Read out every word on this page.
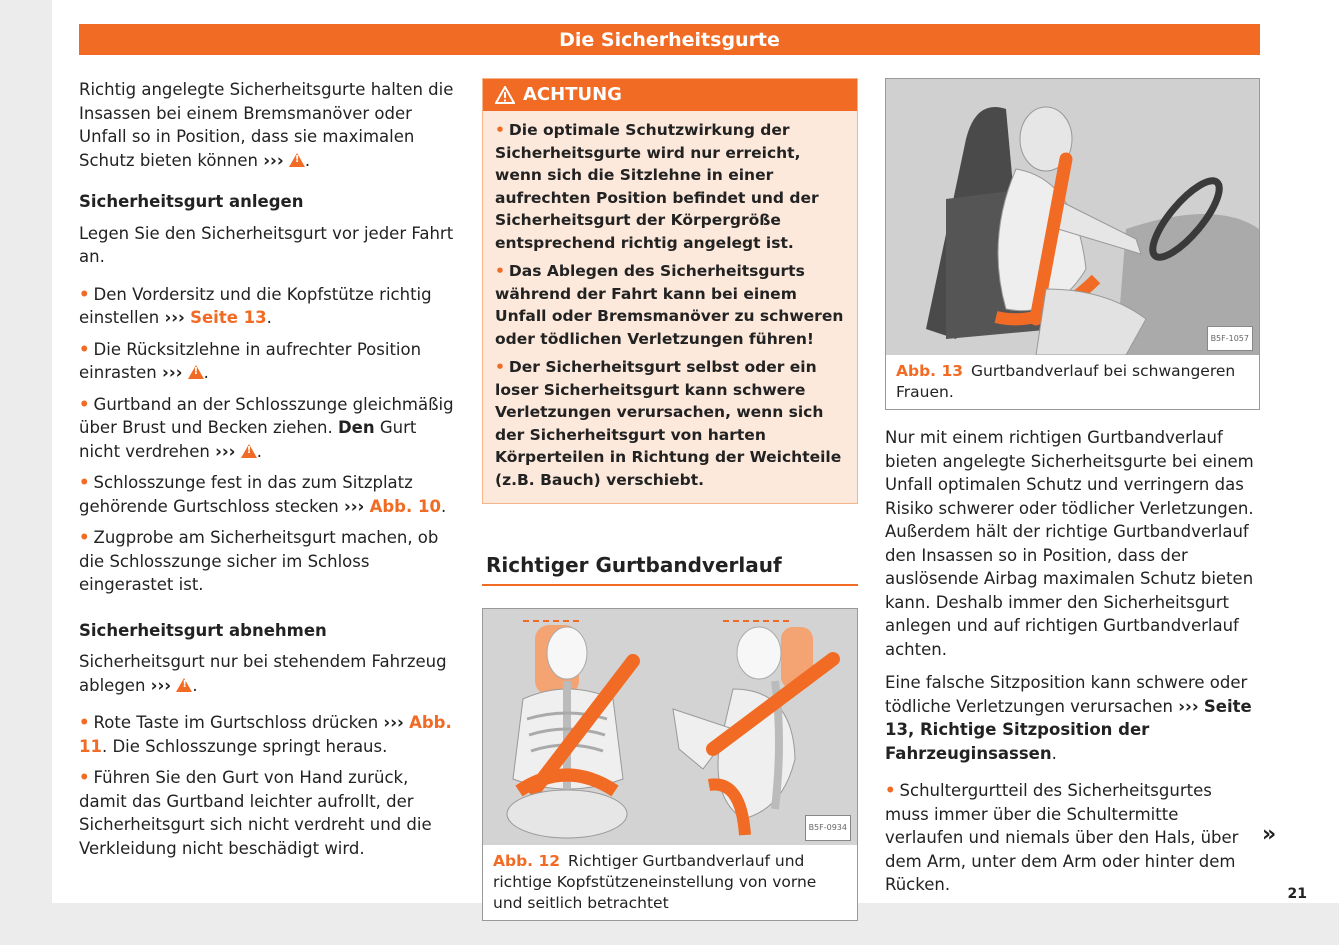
Die Sicherheitsgurte

Richtig angelegte Sicherheitsgurte halten die Insassen bei einem Bremsmanöver oder Unfall so in Position, dass sie maximalen Schutz bieten können ››› ! .

Sicherheitsgurt anlegen

Legen Sie den Sicherheitsgurt vor jeder Fahrt an.

• Den Vordersitz und die Kopfstütze richtig einstellen ››› Seite 13.
• Die Rücksitzlehne in aufrechter Position einrasten ››› ! .
• Gurtband an der Schlosszunge gleichmäßig über Brust und Becken ziehen. Den Gurt nicht verdrehen ››› ! .
• Schlosszunge fest in das zum Sitzplatz gehörende Gurtschloss stecken ››› Abb. 10.
• Zugprobe am Sicherheitsgurt machen, ob die Schlosszunge sicher im Schloss eingerastet ist.
Sicherheitsgurt abnehmen

Sicherheitsgurt nur bei stehendem Fahrzeug ablegen ››› ! .

• Rote Taste im Gurtschloss drücken ››› Abb. 11. Die Schlosszunge springt heraus.
• Führen Sie den Gurt von Hand zurück, damit das Gurtband leichter aufrollt, der Sicherheitsgurt sich nicht verdreht und die Verkleidung nicht beschädigt wird.
ACHTUNG
• Die optimale Schutzwirkung der Sicherheitsgurte wird nur erreicht, wenn sich die Sitzlehne in einer aufrechten Position befindet und der Sicherheitsgurt der Körpergröße entsprechend richtig angelegt ist.
• Das Ablegen des Sicherheitsgurts während der Fahrt kann bei einem Unfall oder Bremsmanöver zu schweren oder tödlichen Verletzungen führen!
• Der Sicherheitsgurt selbst oder ein loser Sicherheitsgurt kann schwere Verletzungen verursachen, wenn sich der Sicherheitsgurt von harten Körperteilen in Richtung der Weichteile (z.B. Bauch) verschiebt.
Richtiger Gurtbandverlauf
B5F-0934
Abb. 12 Richtiger Gurtbandverlauf und richtige Kopfstützeneinstellung von vorne und seitlich betrachtet
B5F-1057
Abb. 13 Gurtbandverlauf bei schwangeren Frauen.

Nur mit einem richtigen Gurtbandverlauf bieten angelegte Sicherheitsgurte bei einem Unfall optimalen Schutz und verringern das Risiko schwerer oder tödlicher Verletzungen. Außerdem hält der richtige Gurtbandverlauf den Insassen so in Position, dass der auslösende Airbag maximalen Schutz bieten kann. Deshalb immer den Sicherheitsgurt anlegen und auf richtigen Gurtbandverlauf achten.

Eine falsche Sitzposition kann schwere oder tödliche Verletzungen verursachen ››› Seite 13, Richtige Sitzposition der Fahrzeuginsassen.

• Schultergurtteil des Sicherheitsgurtes muss immer über die Schultermitte verlaufen und niemals über den Hals, über dem Arm, unter dem Arm oder hinter dem Rücken.
»
21
